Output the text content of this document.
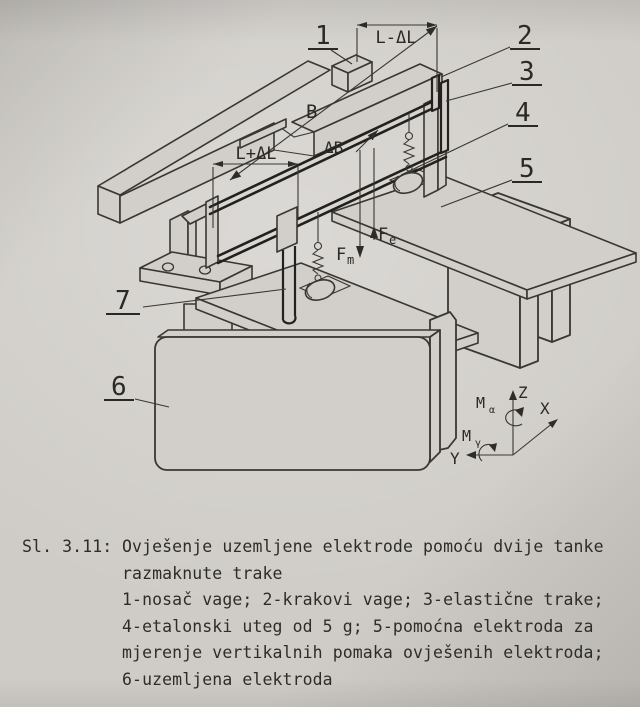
L-ΔL
B
ΔB
L+ΔL
F m
F e
1	2
3
4
5
6
7
Z
X
Y
M α
M γ
Sl. 3.11: Ovješenje uzemljene elektrode pomoću dvije tanke
razmaknute trake
1-nosač vage; 2-krakovi vage; 3-elastične trake;
4-etalonski uteg od 5 g; 5-pomoćna elektroda za
mjerenje vertikalnih pomaka ovješenih elektroda;
6-uzemljena elektroda
